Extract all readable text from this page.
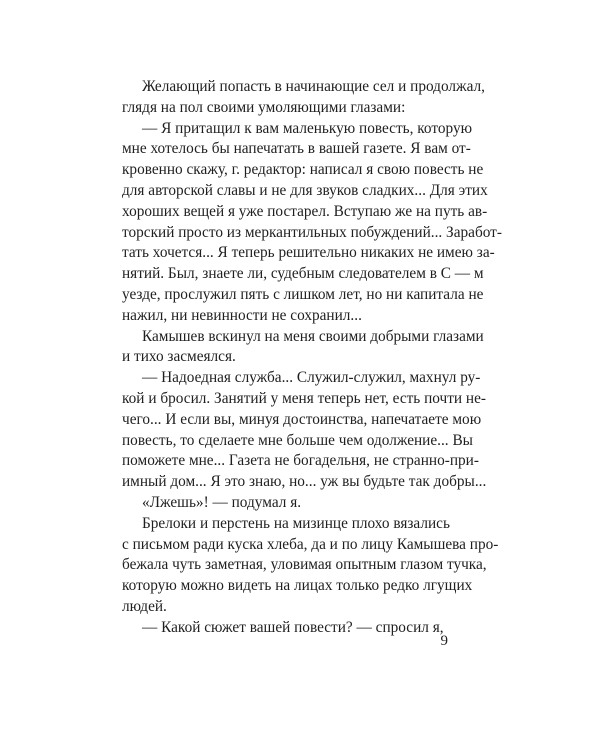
Желающий попасть в начинающие сел и продолжал,
глядя на пол своими умоляющими глазами:
— Я притащил к вам маленькую повесть, которую
мне хотелось бы напечатать в вашей газете. Я вам от-
кровенно скажу, г. редактор: написал я свою повесть не
для авторской славы и не для звуков сладких... Для этих
хороших вещей я уже постарел. Вступаю же на путь ав-
торский просто из меркантильных побуждений... Заработ-
тать хочется... Я теперь решительно никаких не имею за-
нятий. Был, знаете ли, судебным следователем в С — м
уезде, прослужил пять с лишком лет, но ни капитала не
нажил, ни невинности не сохранил...
Камышев вскинул на меня своими добрыми глазами
и тихо засмеялся.
— Надоедная служба... Служил-служил, махнул ру-
кой и бросил. Занятий у меня теперь нет, есть почти не-
чего... И если вы, минуя достоинства, напечатаете мою
повесть, то сделаете мне больше чем одолжение... Вы
поможете мне... Газета не богадельня, не странно-при-
имный дом... Я это знаю, но... уж вы будьте так добры...
«Лжешь»! — подумал я.
Брелоки и перстень на мизинце плохо вязались
с письмом ради куска хлеба, да и по лицу Камышева про-
бежала чуть заметная, уловимая опытным глазом тучка,
которую можно видеть на лицах только редко лгущих
людей.
— Какой сюжет вашей повести? — спросил я,
9
